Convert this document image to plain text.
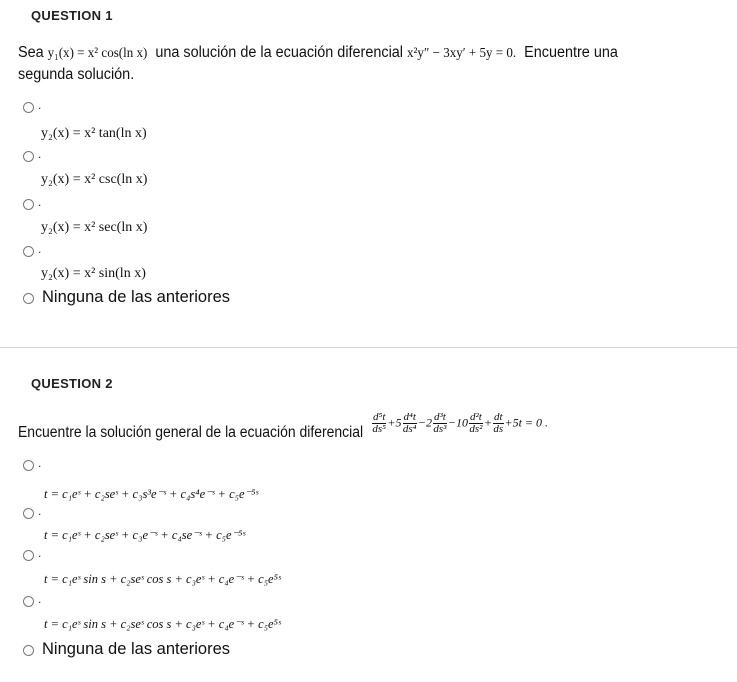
QUESTION 1
Sea y₁(x) = x² cos(ln x) una solución de la ecuación diferencial x²y″ − 3xy′ + 5y = 0. Encuentre una
segunda solución.
.
y₂(x) = x² tan(ln x)
.
y₂(x) = x² csc(ln x)
.
y₂(x) = x² sec(ln x)
.
y₂(x) = x² sin(ln x)
Ninguna de las anteriores
QUESTION 2
Encuentre la solución general de la ecuación diferencial $\frac{\text{d⁵t}}{\text{ds⁵}} +5 \frac{\text{d⁴t}}{\text{ds⁴}} -2 \frac{\text{d³t}}{\text{ds³}} -10 \frac{\text{d²t}}{\text{ds²}} + \frac{dt}{ds} +5t = 0$ .
.
t = c₁eˢ + c₂seˢ + c₃s³e⁻ˢ + c₄s⁴e⁻ˢ + c₅e⁻⁵ˢ
.
t = c₁eˢ + c₂seˢ + c₃e⁻ˢ + c₄se⁻ˢ + c₅e⁻⁵ˢ
.
t = c₁eˢ sin s + c₂seˢ cos s + c₃eˢ + c₄e⁻ˢ + c₅e⁵ˢ
.
t = c₁eˢ sin s + c₂seˢ cos s + c₃eˢ + c₄e⁻ˢ + c₅e⁵ˢ
Ninguna de las anteriores
